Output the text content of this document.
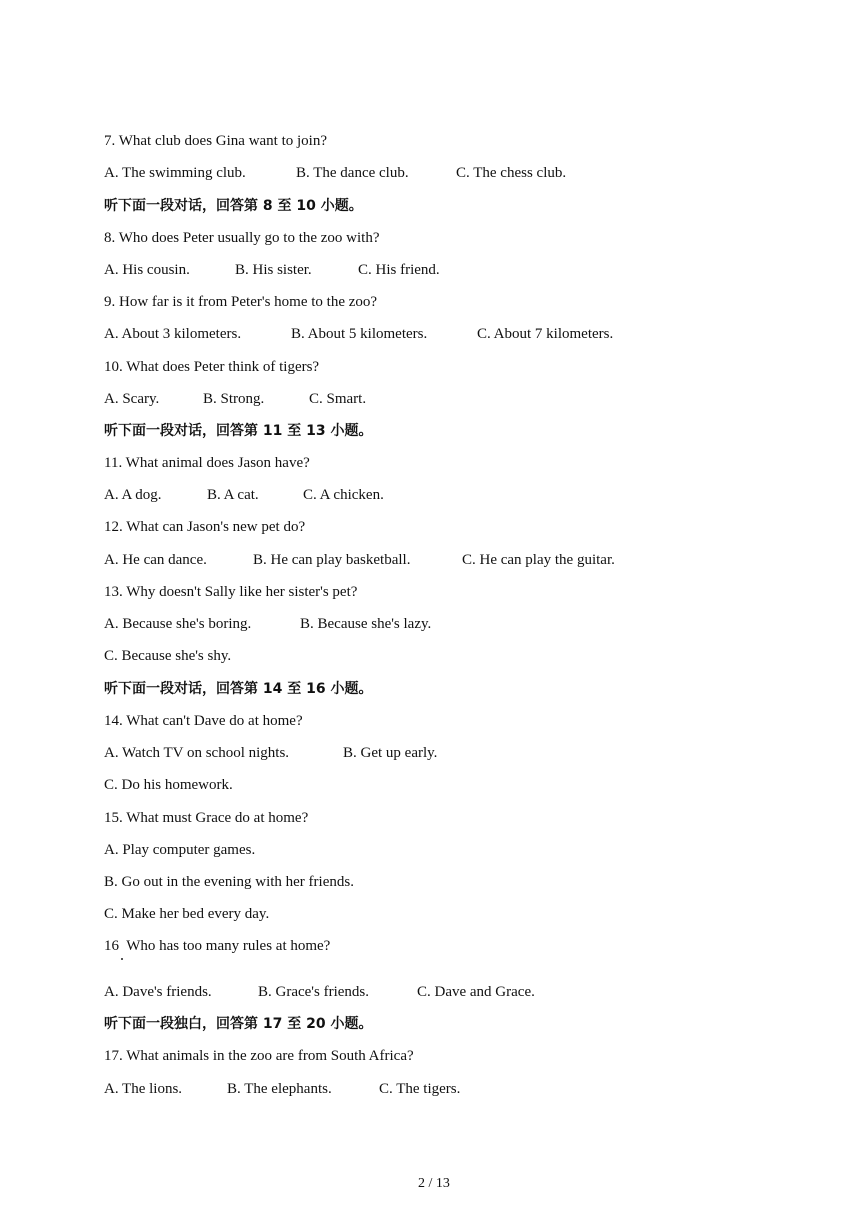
7. What club does Gina want to join?
A. The swimming club.	B. The dance club.	C. The chess club.
听下面一段对话，回答第 8 至 10 小题。
8. Who does Peter usually go to the zoo with?
A. His cousin.	B. His sister.	C. His friend.
9. How far is it from Peter's home to the zoo?
A. About 3 kilometers.	B. About 5 kilometers.	C. About 7 kilometers.
10. What does Peter think of tigers?
A. Scary.	B. Strong.	C. Smart.
听下面一段对话，回答第 11 至 13 小题。
11. What animal does Jason have?
A. A dog.	B. A cat.	C. A chicken.
12. What can Jason's new pet do?
A. He can dance.	B. He can play basketball.	C. He can play the guitar.
13. Why doesn't Sally like her sister's pet?
A. Because she's boring.	B. Because she's lazy.
C. Because she's shy.
听下面一段对话，回答第 14 至 16 小题。
14. What can't Dave do at home?
A. Watch TV on school nights.	B. Get up early.
C. Do his homework.
15. What must Grace do at home?
A. Play computer games.
B. Go out in the evening with her friends.
C. Make her bed every day.
16  Who has too many rules at home?
A. Dave's friends.	B. Grace's friends.	C. Dave and Grace.
听下面一段独白，回答第 17 至 20 小题。
17. What animals in the zoo are from South Africa?
A. The lions.	B. The elephants.	C. The tigers.
2 / 13
